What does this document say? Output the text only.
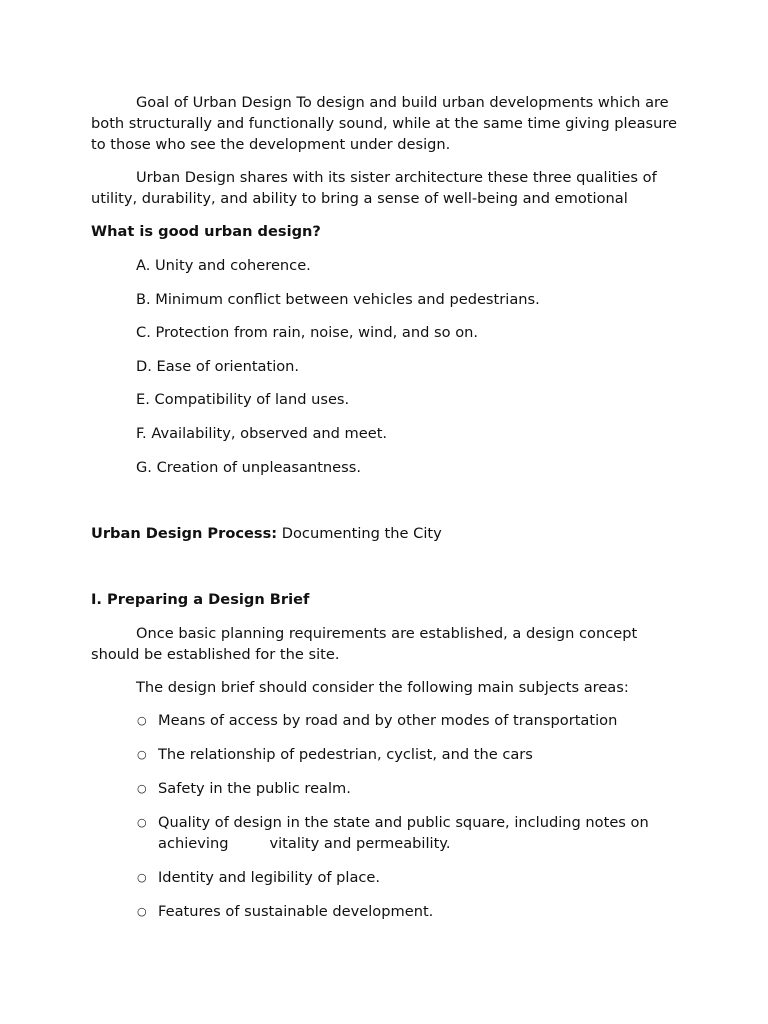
Goal of Urban Design To design and build urban developments which are both structurally and functionally sound, while at the same time giving pleasure to those who see the development under design.

Urban Design shares with its sister architecture these three qualities of utility, durability, and ability to bring a sense of well-being and emotional

What is good urban design?

A. Unity and coherence.

B. Minimum conflict between vehicles and pedestrians.

C. Protection from rain, noise, wind, and so on.

D. Ease of orientation.

E. Compatibility of land uses.

F. Availability, observed and meet.

G. Creation of unpleasantness.

Urban Design Process: Documenting the City

I. Preparing a Design Brief

Once basic planning requirements are established, a design concept should be established for the site.

The design brief should consider the following main subjects areas:

○ Means of access by road and by other modes of transportation
○ The relationship of pedestrian, cyclist, and the cars
○ Safety in the public realm.
○ Quality of design in the state and public square, including notes on achieving	vitality and permeability.
○ Identity and legibility of place.
○ Features of sustainable development.
